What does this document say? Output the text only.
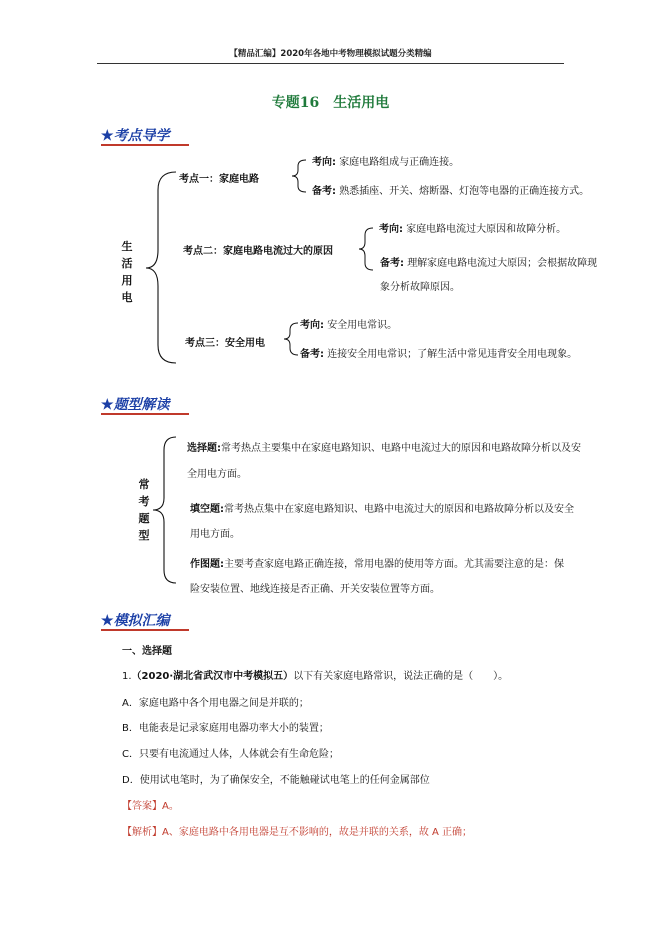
【精品汇编】2020年各地中考物理模拟试题分类精编
专题16　生活用电
★考点导学
生活用电
考点一：家庭电路
考向: 家庭电路组成与正确连接。
备考: 熟悉插座、开关、熔断器、灯泡等电器的正确连接方式。
考点二：家庭电路电流过大的原因
考向: 家庭电路电流过大原因和故障分析。
备考: 理解家庭电路电流过大原因；会根据故障现
象分析故障原因。
考点三：安全用电
考向: 安全用电常识。
备考: 连接安全用电常识；了解生活中常见违背安全用电现象。
★题型解读
常考题型
选择题:常考热点主要集中在家庭电路知识、电路中电流过大的原因和电路故障分析以及安
全用电方面。
填空题:常考热点集中在家庭电路知识、电路中电流过大的原因和电路故障分析以及安全
用电方面。
作图题:主要考查家庭电路正确连接，常用电器的使用等方面。尤其需要注意的是：保
险安装位置、地线连接是否正确、开关安装位置等方面。
★模拟汇编
一、选择题
1.（2020·湖北省武汉市中考模拟五）以下有关家庭电路常识，说法正确的是（　　）。
A．家庭电路中各个用电器之间是并联的；
B．电能表是记录家庭用电器功率大小的装置；
C．只要有电流通过人体，人体就会有生命危险；
D．使用试电笔时，为了确保安全，不能触碰试电笔上的任何金属部位
【答案】A。
【解析】A、家庭电路中各用电器是互不影响的，故是并联的关系，故 A 正确；
